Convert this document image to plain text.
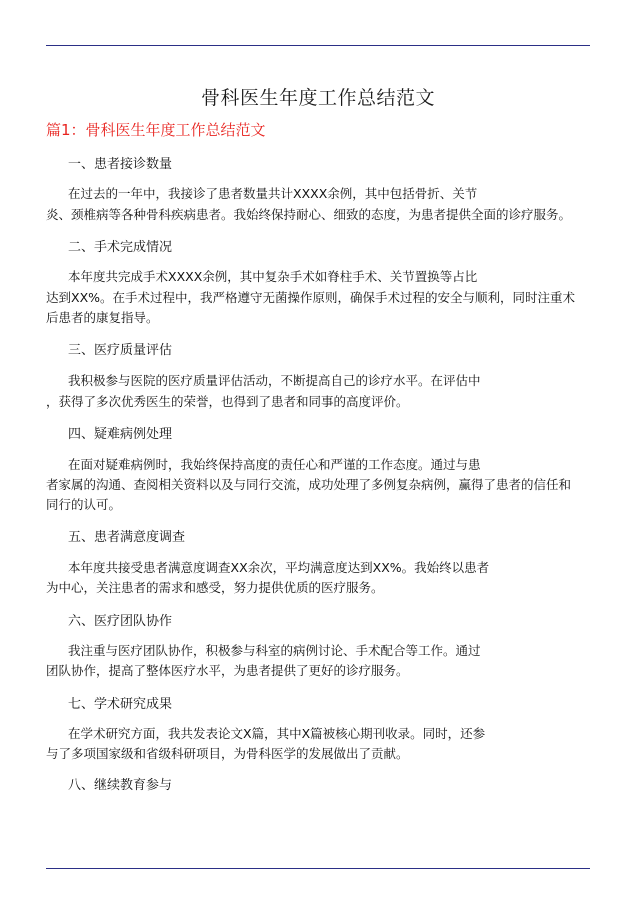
骨科医生年度工作总结范文
篇1：骨科医生年度工作总结范文
一、患者接诊数量
在过去的一年中，我接诊了患者数量共计XXXX余例，其中包括骨折、关节
炎、颈椎病等各种骨科疾病患者。我始终保持耐心、细致的态度，为患者提供全面的诊疗服务。
二、手术完成情况
本年度共完成手术XXXX余例，其中复杂手术如脊柱手术、关节置换等占比
达到XX%。在手术过程中，我严格遵守无菌操作原则，确保手术过程的安全与顺利，同时注重术
后患者的康复指导。
三、医疗质量评估
我积极参与医院的医疗质量评估活动，不断提高自己的诊疗水平。在评估中
，获得了多次优秀医生的荣誉，也得到了患者和同事的高度评价。
四、疑难病例处理
在面对疑难病例时，我始终保持高度的责任心和严谨的工作态度。通过与患
者家属的沟通、查阅相关资料以及与同行交流，成功处理了多例复杂病例，赢得了患者的信任和
同行的认可。
五、患者满意度调查
本年度共接受患者满意度调查XX余次，平均满意度达到XX%。我始终以患者
为中心，关注患者的需求和感受，努力提供优质的医疗服务。
六、医疗团队协作
我注重与医疗团队协作，积极参与科室的病例讨论、手术配合等工作。通过
团队协作，提高了整体医疗水平，为患者提供了更好的诊疗服务。
七、学术研究成果
在学术研究方面，我共发表论文X篇，其中X篇被核心期刊收录。同时，还参
与了多项国家级和省级科研项目，为骨科医学的发展做出了贡献。
八、继续教育参与
